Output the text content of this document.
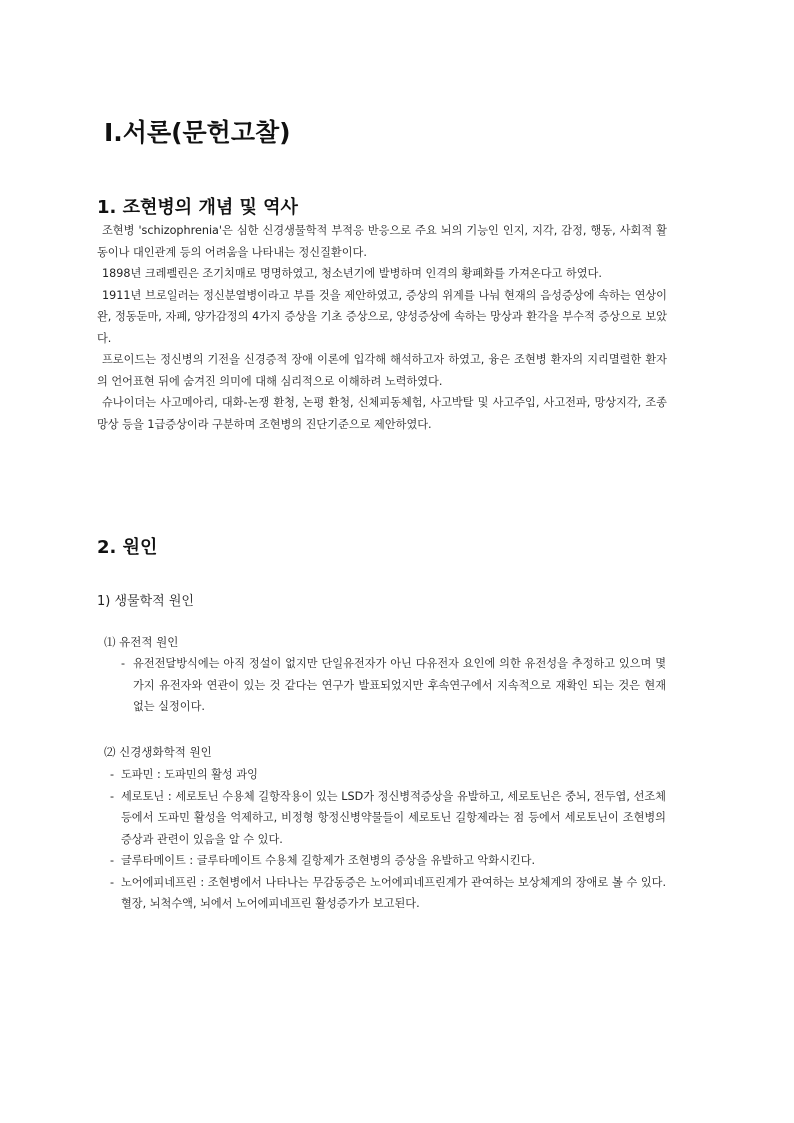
Ⅰ.서론(문헌고찰)
1. 조현병의 개념 및 역사

조현병 'schizophrenia'은 심한 신경생물학적 부적응 반응으로 주요 뇌의 기능인 인지, 지각, 감정, 행동, 사회적 활동이나 대인관계 등의 어려움을 나타내는 정신질환이다.

1898년 크레펠린은 조기치매로 명명하였고, 청소년기에 발병하며 인격의 황폐화를 가져온다고 하였다.

1911년 브로일러는 정신분열병이라고 부를 것을 제안하였고, 증상의 위계를 나눠 현재의 음성증상에 속하는 연상이완, 정동둔마, 자폐, 양가감정의 4가지 증상을 기초 증상으로, 양성증상에 속하는 망상과 환각을 부수적 증상으로 보았다.

프로이드는 정신병의 기전을 신경증적 장애 이론에 입각해 해석하고자 하였고, 융은 조현병 환자의 지리멸렬한 환자의 언어표현 뒤에 숨겨진 의미에 대해 심리적으로 이해하려 노력하였다.

슈나이더는 사고메아리, 대화-논쟁 환청, 논평 환청, 신체피동체험, 사고박탈 및 사고주입, 사고전파, 망상지각, 조종망상 등을 1급증상이라 구분하며 조현병의 진단기준으로 제안하였다.

2. 원인

1) 생물학적 원인

⑴ 유전적 원인

- 유전전달방식에는 아직 정설이 없지만 단일유전자가 아닌 다유전자 요인에 의한 유전성을 추정하고 있으며 몇 가지 유전자와 연관이 있는 것 같다는 연구가 발표되었지만 후속연구에서 지속적으로 재확인 되는 것은 현재 없는 실정이다.

⑵ 신경생화학적 원인

- 도파민 : 도파민의 활성 과잉
- 세로토닌 : 세로토닌 수용체 길항작용이 있는 LSD가 정신병적증상을 유발하고, 세로토닌은 중뇌, 전두엽, 선조체 등에서 도파민 활성을 억제하고, 비정형 항정신병약물들이 세로토닌 길항제라는 점 등에서 세로토닌이 조현병의 증상과 관련이 있음을 알 수 있다.
- 글루타메이트 : 글루타메이트 수용체 길항제가 조현병의 증상을 유발하고 악화시킨다.
- 노어에피네프린 : 조현병에서 나타나는 무감동증은 노어에피네프린계가 관여하는 보상체계의 장애로 볼 수 있다. 혈장, 뇌척수액, 뇌에서 노어에피네프린 활성증가가 보고된다.
